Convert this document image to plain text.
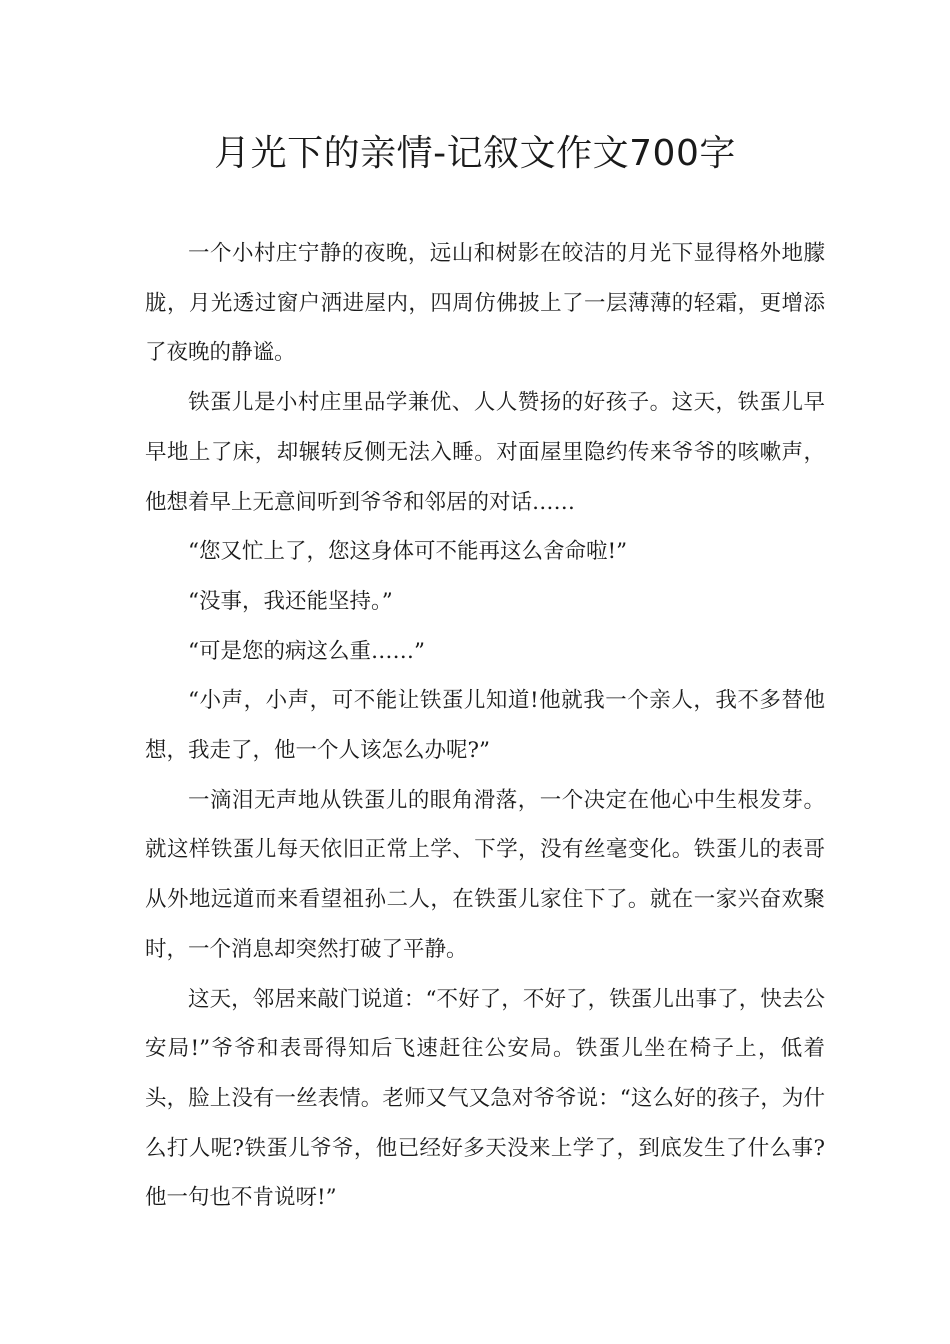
月光下的亲情-记叙文作文700字

一个小村庄宁静的夜晚，远山和树影在皎洁的月光下显得格外地朦胧，月光透过窗户洒进屋内，四周仿佛披上了一层薄薄的轻霜，更增添了夜晚的静谧。

铁蛋儿是小村庄里品学兼优、人人赞扬的好孩子。这天，铁蛋儿早早地上了床，却辗转反侧无法入睡。对面屋里隐约传来爷爷的咳嗽声，他想着早上无意间听到爷爷和邻居的对话……

“您又忙上了，您这身体可不能再这么舍命啦!”

“没事，我还能坚持。”

“可是您的病这么重……”

“小声，小声，可不能让铁蛋儿知道!他就我一个亲人，我不多替他想，我走了，他一个人该怎么办呢?”

一滴泪无声地从铁蛋儿的眼角滑落，一个决定在他心中生根发芽。就这样铁蛋儿每天依旧正常上学、下学，没有丝毫变化。铁蛋儿的表哥从外地远道而来看望祖孙二人，在铁蛋儿家住下了。就在一家兴奋欢聚时，一个消息却突然打破了平静。

这天，邻居来敲门说道：“不好了，不好了，铁蛋儿出事了，快去公安局!”爷爷和表哥得知后飞速赶往公安局。铁蛋儿坐在椅子上，低着头，脸上没有一丝表情。老师又气又急对爷爷说：“这么好的孩子，为什么打人呢?铁蛋儿爷爷，他已经好多天没来上学了，到底发生了什么事?他一句也不肯说呀!”
